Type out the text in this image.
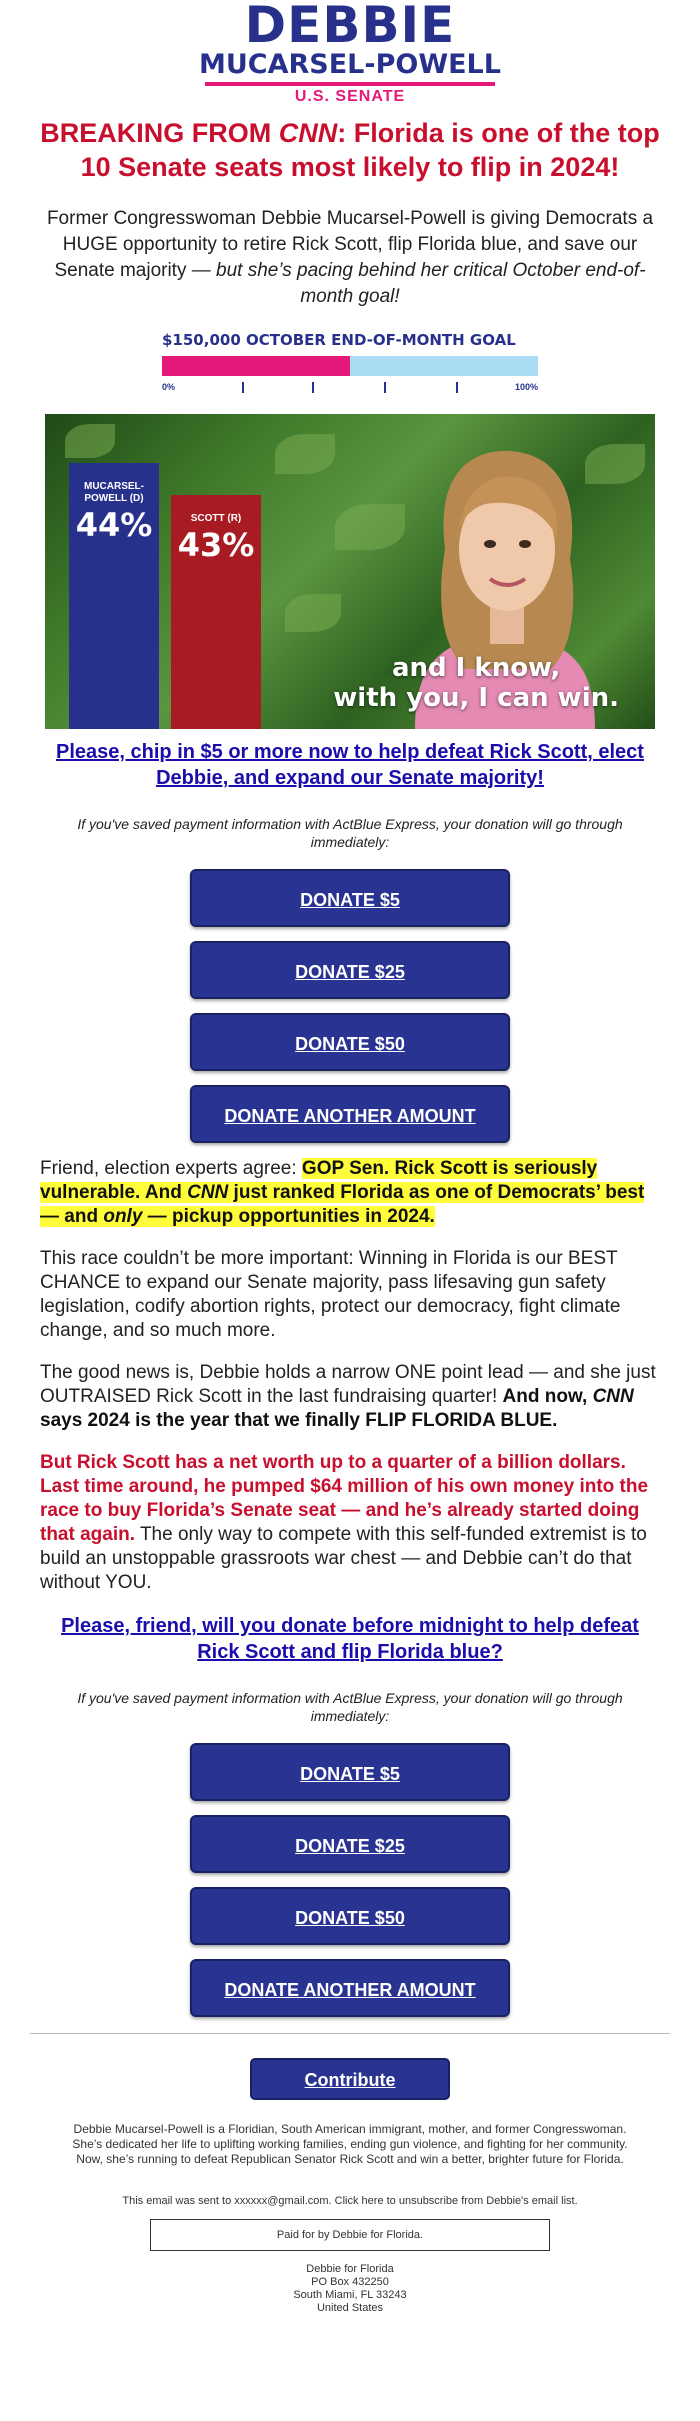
DEBBIE
MUCARSEL-POWELL
U.S. SENATE
BREAKING FROM CNN: Florida is one of the top 10 Senate seats most likely to flip in 2024!
Former Congresswoman Debbie Mucarsel-Powell is giving Democrats a HUGE opportunity to retire Rick Scott, flip Florida blue, and save our Senate majority — but she’s pacing behind her critical October end-of-month goal!
$150,000 OCTOBER END-OF-MONTH GOAL
0%	100%
MUCARSEL-
POWELL (D)
44%	SCOTT (R)
43%
and I know,
with you, I can win.
Please, chip in $5 or more now to help defeat Rick Scott, elect Debbie, and expand our Senate majority!
If you've saved payment information with ActBlue Express, your donation will go through immediately:
DONATE $5
DONATE $25
DONATE $50
DONATE ANOTHER AMOUNT
Friend, election experts agree: GOP Sen. Rick Scott is seriously vulnerable. And CNN just ranked Florida as one of Democrats’ best — and only — pickup opportunities in 2024.
This race couldn’t be more important: Winning in Florida is our BEST CHANCE to expand our Senate majority, pass lifesaving gun safety legislation, codify abortion rights, protect our democracy, fight climate change, and so much more.
The good news is, Debbie holds a narrow ONE point lead — and she just OUTRAISED Rick Scott in the last fundraising quarter! And now, CNN says 2024 is the year that we finally FLIP FLORIDA BLUE.
But Rick Scott has a net worth up to a quarter of a billion dollars. Last time around, he pumped $64 million of his own money into the race to buy Florida’s Senate seat — and he’s already started doing that again. The only way to compete with this self-funded extremist is to build an unstoppable grassroots war chest — and Debbie can’t do that without YOU.
Please, friend, will you donate before midnight to help defeat Rick Scott and flip Florida blue?
If you've saved payment information with ActBlue Express, your donation will go through immediately:
DONATE $5
DONATE $25
DONATE $50
DONATE ANOTHER AMOUNT
Contribute
Debbie Mucarsel-Powell is a Floridian, South American immigrant, mother, and former Congresswoman. She’s dedicated her life to uplifting working families, ending gun violence, and fighting for her community. Now, she’s running to defeat Republican Senator Rick Scott and win a better, brighter future for Florida.
This email was sent to xxxxxx@gmail.com. Click here to unsubscribe from Debbie's email list.
Paid for by Debbie for Florida.
Debbie for Florida
PO Box 432250
South Miami, FL 33243
United States
